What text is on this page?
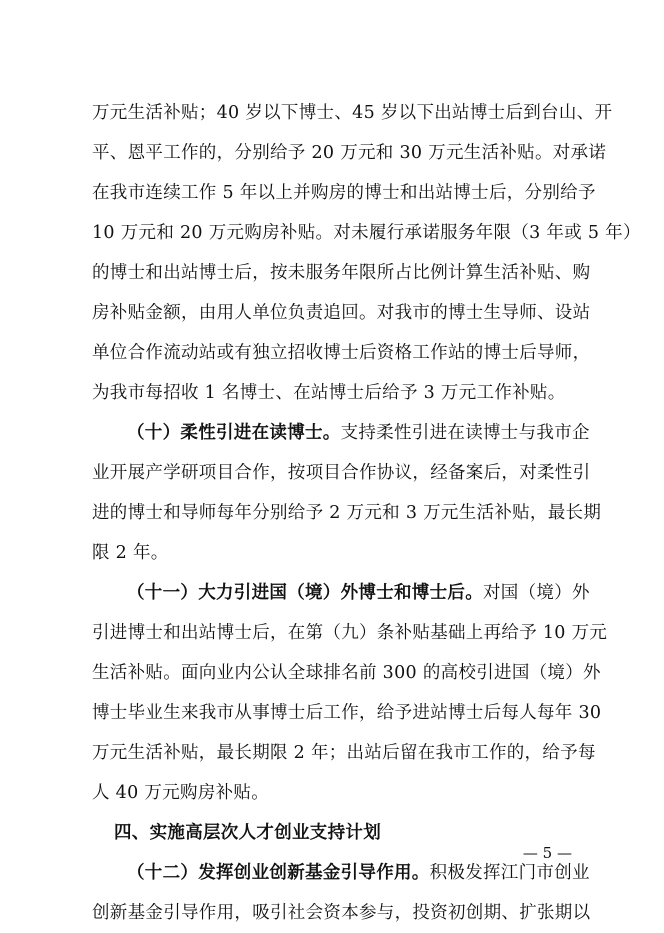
万元生活补贴；40 岁以下博士、45 岁以下出站博士后到台山、开
平、恩平工作的，分别给予 20 万元和 30 万元生活补贴。对承诺
在我市连续工作 5 年以上并购房的博士和出站博士后，分别给予
10 万元和 20 万元购房补贴。对未履行承诺服务年限（3 年或 5 年）
的博士和出站博士后，按未服务年限所占比例计算生活补贴、购
房补贴金额，由用人单位负责追回。对我市的博士生导师、设站
单位合作流动站或有独立招收博士后资格工作站的博士后导师，
为我市每招收 1 名博士、在站博士后给予 3 万元工作补贴。
（十）柔性引进在读博士。支持柔性引进在读博士与我市企
业开展产学研项目合作，按项目合作协议，经备案后，对柔性引
进的博士和导师每年分别给予 2 万元和 3 万元生活补贴，最长期
限 2 年。
（十一）大力引进国（境）外博士和博士后。对国（境）外
引进博士和出站博士后，在第（九）条补贴基础上再给予 10 万元
生活补贴。面向业内公认全球排名前 300 的高校引进国（境）外
博士毕业生来我市从事博士后工作，给予进站博士后每人每年 30
万元生活补贴，最长期限 2 年；出站后留在我市工作的，给予每
人 40 万元购房补贴。
四、实施高层次人才创业支持计划
（十二）发挥创业创新基金引导作用。积极发挥江门市创业
创新基金引导作用，吸引社会资本参与，投资初创期、扩张期以
— 5 —
